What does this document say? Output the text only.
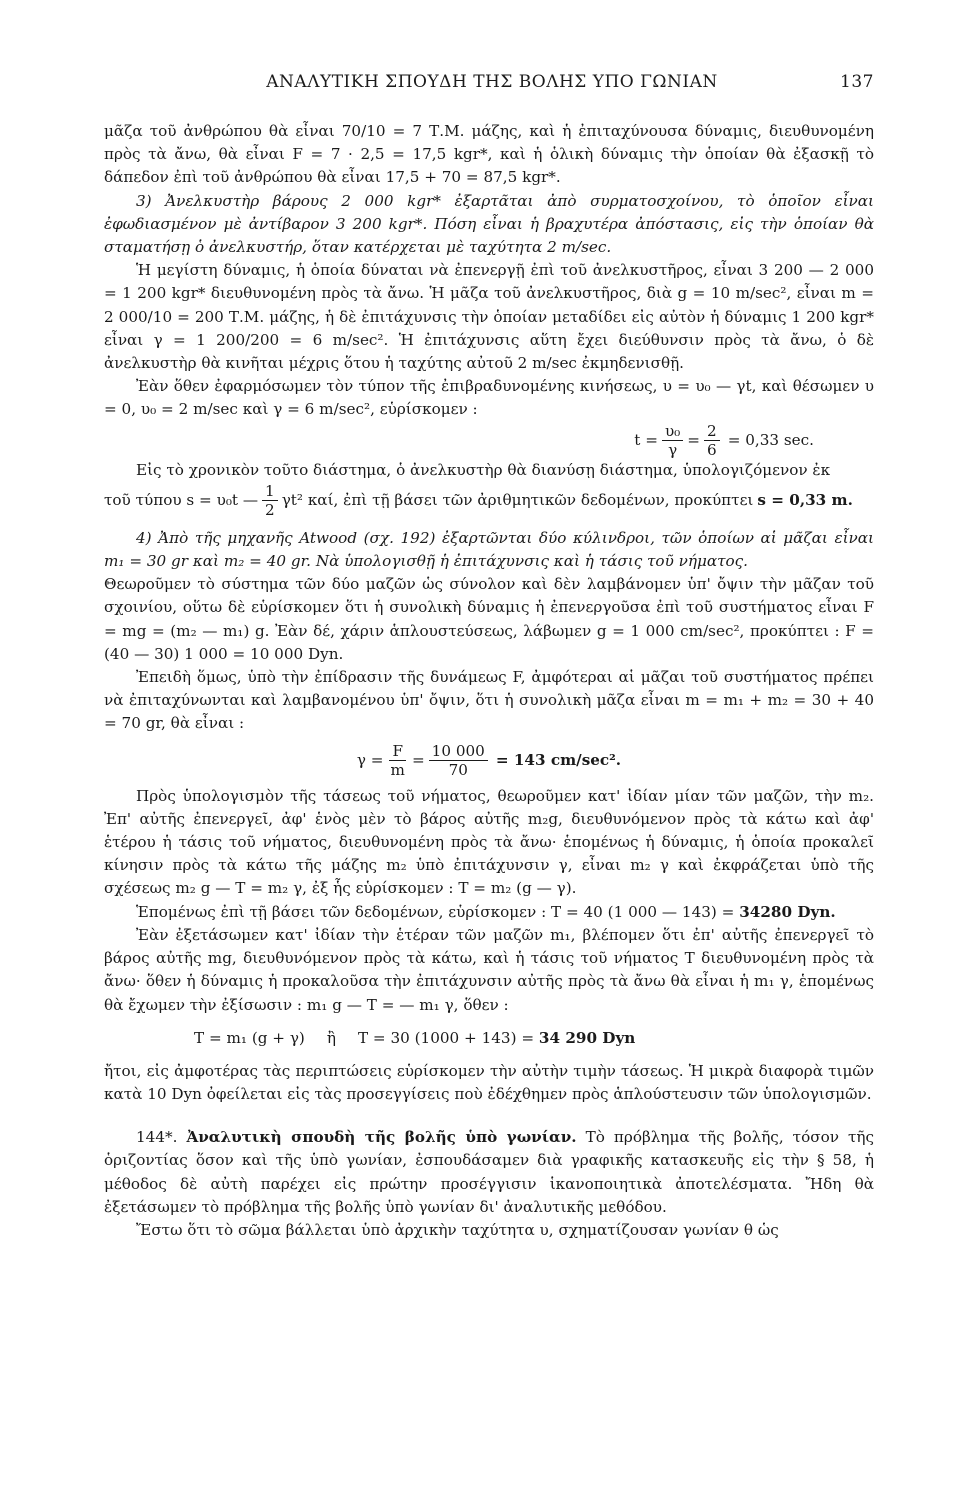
ΑΝΑΛΥΤΙΚΗ ΣΠΟΥΔΗ ΤΗΣ ΒΟΛΗΣ ΥΠΟ ΓΩΝΙΑΝ	137

μᾶζα τοῦ ἀνθρώπου θὰ εἶναι 70/10 = 7 Τ.Μ. μάζης, καὶ ἡ ἐπιταχύνουσα δύναμις, διευθυνομένη πρὸς τὰ ἄνω, θὰ εἶναι F = 7 · 2,5 = 17,5 kgr*, καὶ ἡ ὁλικὴ δύναμις τὴν ὁποίαν θὰ ἐξασκῇ τὸ δάπεδον ἐπὶ τοῦ ἀνθρώπου θὰ εἶναι 17,5 + 70 = 87,5 kgr*.

3) Ἀνελκυστὴρ βάρους 2 000 kgr* ἐξαρτᾶται ἀπὸ συρματοσχοίνου, τὸ ὁποῖον εἶναι ἐφωδιασμένον μὲ ἀντίβαρον 3 200 kgr*. Πόση εἶναι ἡ βραχυτέρα ἀπόστασις, εἰς τὴν ὁποίαν θὰ σταματήσῃ ὁ ἀνελκυστήρ, ὅταν κατέρχεται μὲ ταχύτητα 2 m/sec.

Ἡ μεγίστη δύναμις, ἡ ὁποία δύναται νὰ ἐπενεργῇ ἐπὶ τοῦ ἀνελκυστῆρος, εἶναι 3 200 — 2 000 = 1 200 kgr* διευθυνομένη πρὸς τὰ ἄνω. Ἡ μᾶζα τοῦ ἀνελκυστῆρος, διὰ g = 10 m/sec², εἶναι m = 2 000/10 = 200 Τ.Μ. μάζης, ἡ δὲ ἐπιτάχυνσις τὴν ὁποίαν μεταδίδει εἰς αὐτὸν ἡ δύναμις 1 200 kgr* εἶναι γ = 1 200/200 = 6 m/sec². Ἡ ἐπιτάχυνσις αὕτη ἔχει διεύθυνσιν πρὸς τὰ ἄνω, ὁ δὲ ἀνελκυστὴρ θὰ κινῆται μέχρις ὅτου ἡ ταχύτης αὐτοῦ 2 m/sec ἐκμηδενισθῇ.

Ἐὰν ὅθεν ἐφαρμόσωμεν τὸν τύπον τῆς ἐπιβραδυνομένης κινήσεως, υ = υ₀ — γt, καὶ θέσωμεν υ = 0, υ₀ = 2 m/sec καὶ γ = 6 m/sec², εὑρίσκομεν :

$t = \frac{\text{υ₀}}{\gamma} = \frac{2}{6} = 0,33$ sec.

Εἰς τὸ χρονικὸν τοῦτο διάστημα, ὁ ἀνελκυστὴρ θὰ διανύσῃ διάστημα, ὑπολογιζόμενον ἐκ

τοῦ τύπου s = υ₀t — $\frac{1}{2} \gamma t^2$ καί, ἐπὶ τῇ βάσει τῶν ἀριθμητικῶν δεδομένων, προκύπτει s = 0,33 m.

4) Ἀπὸ τῆς μηχανῆς Atwood (σχ. 192) ἐξαρτῶνται δύο κύλινδροι, τῶν ὁποίων αἱ μᾶζαι εἶναι m₁ = 30 gr καὶ m₂ = 40 gr. Νὰ ὑπολογισθῇ ἡ ἐπιτάχυνσις καὶ ἡ τάσις τοῦ νήματος.

Θεωροῦμεν τὸ σύστημα τῶν δύο μαζῶν ὡς σύνολον καὶ δὲν λαμβάνομεν ὑπ' ὄψιν τὴν μᾶζαν τοῦ σχοινίου, οὕτω δὲ εὑρίσκομεν ὅτι ἡ συνολικὴ δύναμις ἡ ἐπενεργοῦσα ἐπὶ τοῦ συστήματος εἶναι F = mg = (m₂ — m₁) g. Ἐὰν δέ, χάριν ἁπλουστεύσεως, λάβωμεν g = 1 000 cm/sec², προκύπτει : F = (40 — 30) 1 000 = 10 000 Dyn.

Ἐπειδὴ ὅμως, ὑπὸ τὴν ἐπίδρασιν τῆς δυνάμεως F, ἀμφότεραι αἱ μᾶζαι τοῦ συστήματος πρέπει νὰ ἐπιταχύνωνται καὶ λαμβανομένου ὑπ' ὄψιν, ὅτι ἡ συνολικὴ μᾶζα εἶναι m = m₁ + m₂ = 30 + 40 = 70 gr, θὰ εἶναι :

$\gamma = \frac{F}{m} = \frac{10 000}{70} = 143$ cm/sec².

Πρὸς ὑπολογισμὸν τῆς τάσεως τοῦ νήματος, θεωροῦμεν κατ' ἰδίαν μίαν τῶν μαζῶν, τὴν m₂. Ἐπ' αὐτῆς ἐπενεργεῖ, ἀφ' ἑνὸς μὲν τὸ βάρος αὐτῆς m₂g, διευθυνόμενον πρὸς τὰ κάτω καὶ ἀφ' ἑτέρου ἡ τάσις τοῦ νήματος, διευθυνομένη πρὸς τὰ ἄνω· ἑπομένως ἡ δύναμις, ἡ ὁποία προκαλεῖ κίνησιν πρὸς τὰ κάτω τῆς μάζης m₂ ὑπὸ ἐπιτάχυνσιν γ, εἶναι m₂ γ καὶ ἐκφράζεται ὑπὸ τῆς σχέσεως m₂ g — T = m₂ γ, ἐξ ἧς εὑρίσκομεν : T = m₂ (g — γ).

Ἑπομένως ἐπὶ τῇ βάσει τῶν δεδομένων, εὑρίσκομεν : T = 40 (1 000 — 143) = 34280 Dyn.

Ἐὰν ἐξετάσωμεν κατ' ἰδίαν τὴν ἑτέραν τῶν μαζῶν m₁, βλέπομεν ὅτι ἐπ' αὐτῆς ἐπενεργεῖ τὸ βάρος αὐτῆς mg, διευθυνόμενον πρὸς τὰ κάτω, καὶ ἡ τάσις τοῦ νήματος T διευθυνομένη πρὸς τὰ ἄνω· ὅθεν ἡ δύναμις ἡ προκαλοῦσα τὴν ἐπιτάχυνσιν αὐτῆς πρὸς τὰ ἄνω θὰ εἶναι ἡ m₁ γ, ἑπομένως θὰ ἔχωμεν τὴν ἐξίσωσιν : m₁ g — T = — m₁ γ, ὅθεν :

T = m₁ (g + γ) ἢ T = 30 (1000 + 143) = 34 290 Dyn

ἤτοι, εἰς ἀμφοτέρας τὰς περιπτώσεις εὑρίσκομεν τὴν αὐτὴν τιμὴν τάσεως. Ἡ μικρὰ διαφορὰ τιμῶν κατὰ 10 Dyn ὀφείλεται εἰς τὰς προσεγγίσεις ποὺ ἐδέχθημεν πρὸς ἁπλούστευσιν τῶν ὑπολογισμῶν.

144*. Ἀναλυτικὴ σπουδὴ τῆς βολῆς ὑπὸ γωνίαν. Τὸ πρόβλημα τῆς βολῆς, τόσον τῆς ὁριζοντίας ὅσον καὶ τῆς ὑπὸ γωνίαν, ἐσπουδάσαμεν διὰ γραφικῆς κατασκευῆς εἰς τὴν § 58, ἡ μέθοδος δὲ αὐτὴ παρέχει εἰς πρώτην προσέγγισιν ἱκανοποιητικὰ ἀποτελέσματα. Ἤδη θὰ ἐξετάσωμεν τὸ πρόβλημα τῆς βολῆς ὑπὸ γωνίαν δι' ἀναλυτικῆς μεθόδου.

Ἔστω ὅτι τὸ σῶμα βάλλεται ὑπὸ ἀρχικὴν ταχύτητα υ, σχηματίζουσαν γωνίαν θ ὡς
